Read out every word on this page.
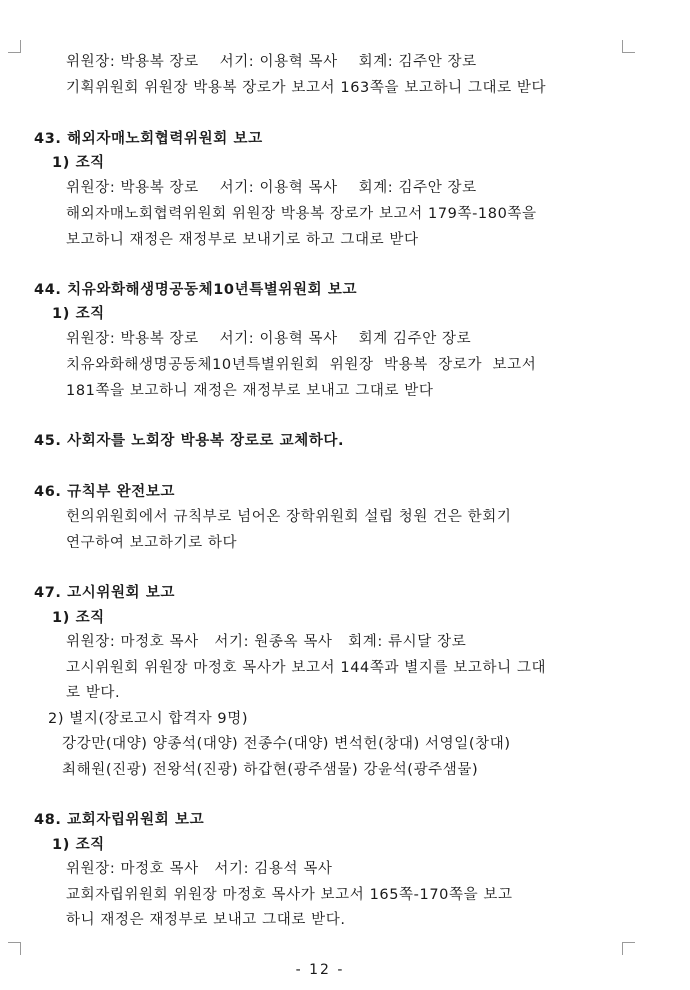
위원장: 박용복 장로    서기: 이용혁 목사    회계: 김주안 장로
기획위원회 위원장 박용복 장로가 보고서 163쪽을 보고하니 그대로 받다
43. 해외자매노회협력위원회 보고
1) 조직
위원장: 박용복 장로    서기: 이용혁 목사    회계: 김주안 장로
해외자매노회협력위원회 위원장 박용복 장로가 보고서 179쪽-180쪽을
보고하니 재정은 재정부로 보내기로 하고 그대로 받다
44. 치유와화해생명공동체10년특별위원회 보고
1) 조직
위원장: 박용복 장로    서기: 이용혁 목사    회계 김주안 장로
치유와화해생명공동체10년특별위원회  위원장  박용복  장로가  보고서
181쪽을 보고하니 재정은 재정부로 보내고 그대로 받다
45. 사회자를 노회장 박용복 장로로 교체하다.
46. 규칙부 완전보고
헌의위원회에서 규칙부로 넘어온 장학위원회 설립 청원 건은 한회기
연구하여 보고하기로 하다
47. 고시위원회 보고
1) 조직
위원장: 마정호 목사   서기: 원종옥 목사   회계: 류시달 장로
고시위원회 위원장 마정호 목사가 보고서 144쪽과 별지를 보고하니 그대
로 받다.
2) 별지(장로고시 합격자 9명)
강강만(대양) 양종석(대양) 전종수(대양) 변석헌(창대) 서영일(창대)
최해원(진광) 전왕석(진광) 하갑현(광주샘물) 강윤석(광주샘물)
48. 교회자립위원회 보고
1) 조직
위원장: 마정호 목사   서기: 김용석 목사
교회자립위원회 위원장 마정호 목사가 보고서 165쪽-170쪽을 보고
하니 재정은 재정부로 보내고 그대로 받다.
- 12 -
